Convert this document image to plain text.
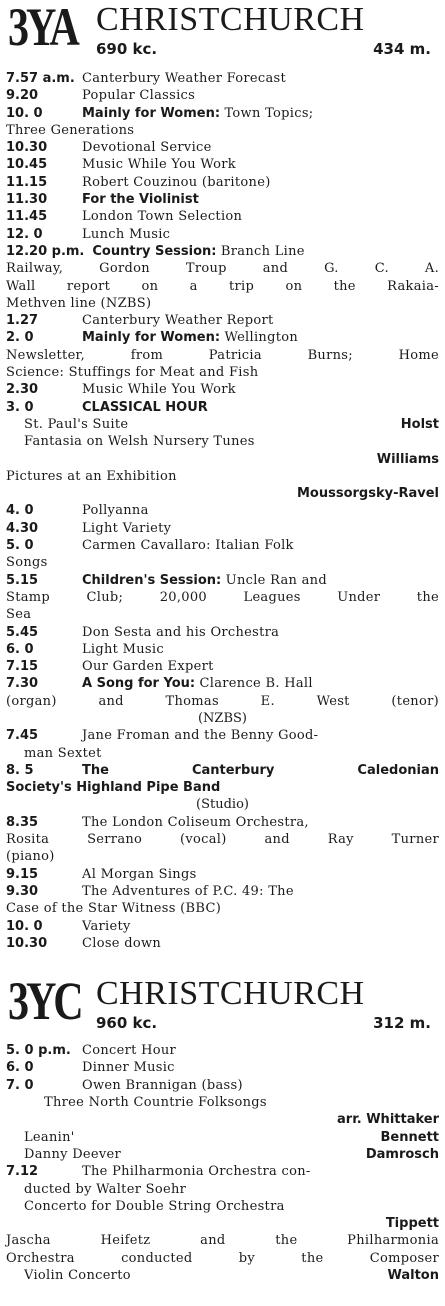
3YA CHRISTCHURCH
690 kc.	434 m.
7.57 a.m. Canterbury Weather Forecast
9.20	Popular Classics
10. 0	Mainly for Women: Town Topics;
Three Generations
10.30	Devotional Service
10.45	Music While You Work
11.15	Robert Couzinou (baritone)
11.30	For the Violinist
11.45	London Town Selection
12. 0	Lunch Music
12.20 p.m. Country Session: Branch Line
Railway, Gordon Troup and G. C. A.
Wall report on a trip on the Rakaia-
Methven line (NZBS)
1.27	Canterbury Weather Report
2. 0	Mainly for Women: Wellington
Newsletter, from Patricia Burns; Home
Science: Stuffings for Meat and Fish
2.30	Music While You Work
3. 0	CLASSICAL HOUR
St. Paul's Suite	Holst
Fantasia on Welsh Nursery Tunes
Williams
Pictures at an Exhibition
Moussorgsky-Ravel
4. 0	Pollyanna
4.30	Light Variety
5. 0	Carmen Cavallaro: Italian Folk
Songs
5.15	Children's Session: Uncle Ran and
Stamp Club; 20,000 Leagues Under the
Sea
5.45	Don Sesta and his Orchestra
6. 0	Light Music
7.15	Our Garden Expert
7.30	A Song for You: Clarence B. Hall
(organ) and Thomas E. West (tenor)
(NZBS)
7.45	Jane Froman and the Benny Good-
man Sextet
8. 5	The	Canterbury	Caledonian
Society's Highland Pipe Band
(Studio)
8.35	The London Coliseum Orchestra,
Rosita Serrano (vocal) and Ray Turner
(piano)
9.15	Al Morgan Sings
9.30	The Adventures of P.C. 49: The
Case of the Star Witness (BBC)
10. 0	Variety
10.30	Close down
3YC CHRISTCHURCH
960 kc.	312 m.
5. 0 p.m. Concert Hour
6. 0	Dinner Music
7. 0	Owen Brannigan (bass)
Three North Countrie Folksongs
arr. Whittaker
Leanin'	Bennett
Danny Deever	Damrosch
7.12	The Philharmonia Orchestra con-
ducted by Walter Soehr
Concerto for Double String Orchestra
Tippett
Jascha Heifetz and the Philharmonia
Orchestra conducted by the Composer
Violin Concerto	Walton
